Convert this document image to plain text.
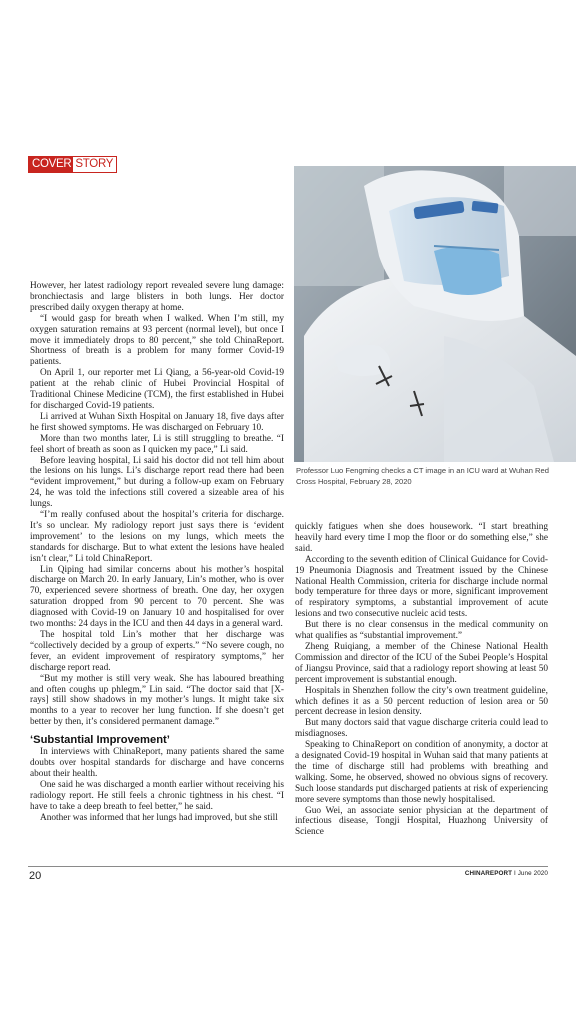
COVER STORY
Professor Luo Fengming checks a CT image in an ICU ward at Wuhan Red Cross Hospital, February 28, 2020

However, her latest radiology report revealed severe lung damage: bronchiectasis and large blisters in both lungs. Her doctor prescribed daily oxygen therapy at home.

“I would gasp for breath when I walked. When I’m still, my oxygen saturation remains at 93 percent (normal level), but once I move it immediately drops to 80 percent,” she told ChinaReport. Shortness of breath is a problem for many former Covid-19 patients.

On April 1, our reporter met Li Qiang, a 56-year-old Covid-19 patient at the rehab clinic of Hubei Provincial Hospital of Traditional Chinese Medicine (TCM), the first established in Hubei for discharged Covid-19 patients.

Li arrived at Wuhan Sixth Hospital on January 18, five days after he first showed symptoms. He was discharged on February 10.

More than two months later, Li is still struggling to breathe. “I feel short of breath as soon as I quicken my pace,” Li said.

Before leaving hospital, Li said his doctor did not tell him about the lesions on his lungs. Li’s discharge report read there had been “evident improvement,” but during a follow-up exam on February 24, he was told the infections still covered a sizeable area of his lungs.

“I’m really confused about the hospital’s criteria for discharge. It’s so unclear. My radiology report just says there is ‘evident improvement’ to the lesions on my lungs, which meets the standards for discharge. But to what extent the lesions have healed isn’t clear,” Li told ChinaReport.

Lin Qiping had similar concerns about his mother’s hospital discharge on March 20. In early January, Lin’s mother, who is over 70, experienced severe shortness of breath. One day, her oxygen saturation dropped from 90 percent to 70 percent. She was diagnosed with Covid-19 on January 10 and hospitalised for over two months: 24 days in the ICU and then 44 days in a general ward.

The hospital told Lin’s mother that her discharge was “collectively decided by a group of experts.” “No severe cough, no fever, an evident improvement of respiratory symptoms,” her discharge report read.

“But my mother is still very weak. She has laboured breathing and often coughs up phlegm,” Lin said. “The doctor said that [X-rays] still show shadows in my mother’s lungs. It might take six months to a year to recover her lung function. If she doesn’t get better by then, it’s considered permanent damage.”

‘Substantial Improvement’

In interviews with ChinaReport, many patients shared the same doubts over hospital standards for discharge and have concerns about their health.

One said he was discharged a month earlier without receiving his radiology report. He still feels a chronic tightness in his chest. “I have to take a deep breath to feel better,” he said.

Another was informed that her lungs had improved, but she still

quickly fatigues when she does housework. “I start breathing heavily hard every time I mop the floor or do something else,” she said.

According to the seventh edition of Clinical Guidance for Covid-19 Pneumonia Diagnosis and Treatment issued by the Chinese National Health Commission, criteria for discharge include normal body temperature for three days or more, significant improvement of respiratory symptoms, a substantial improvement of acute lesions and two consecutive nucleic acid tests.

But there is no clear consensus in the medical community on what qualifies as “substantial improvement.”

Zheng Ruiqiang, a member of the Chinese National Health Commission and director of the ICU of the Subei People’s Hospital of Jiangsu Province, said that a radiology report showing at least 50 percent improvement is substantial enough.

Hospitals in Shenzhen follow the city’s own treatment guideline, which defines it as a 50 percent reduction of lesion area or 50 percent decrease in lesion density.

But many doctors said that vague discharge criteria could lead to misdiagnoses.

Speaking to ChinaReport on condition of anonymity, a doctor at a designated Covid-19 hospital in Wuhan said that many patients at the time of discharge still had problems with breathing and walking. Some, he observed, showed no obvious signs of recovery. Such loose standards put discharged patients at risk of experiencing more severe symptoms than those newly hospitalised.

Guo Wei, an associate senior physician at the department of infectious disease, Tongji Hospital, Huazhong University of Science

20	CHINAREPORT I June 2020
